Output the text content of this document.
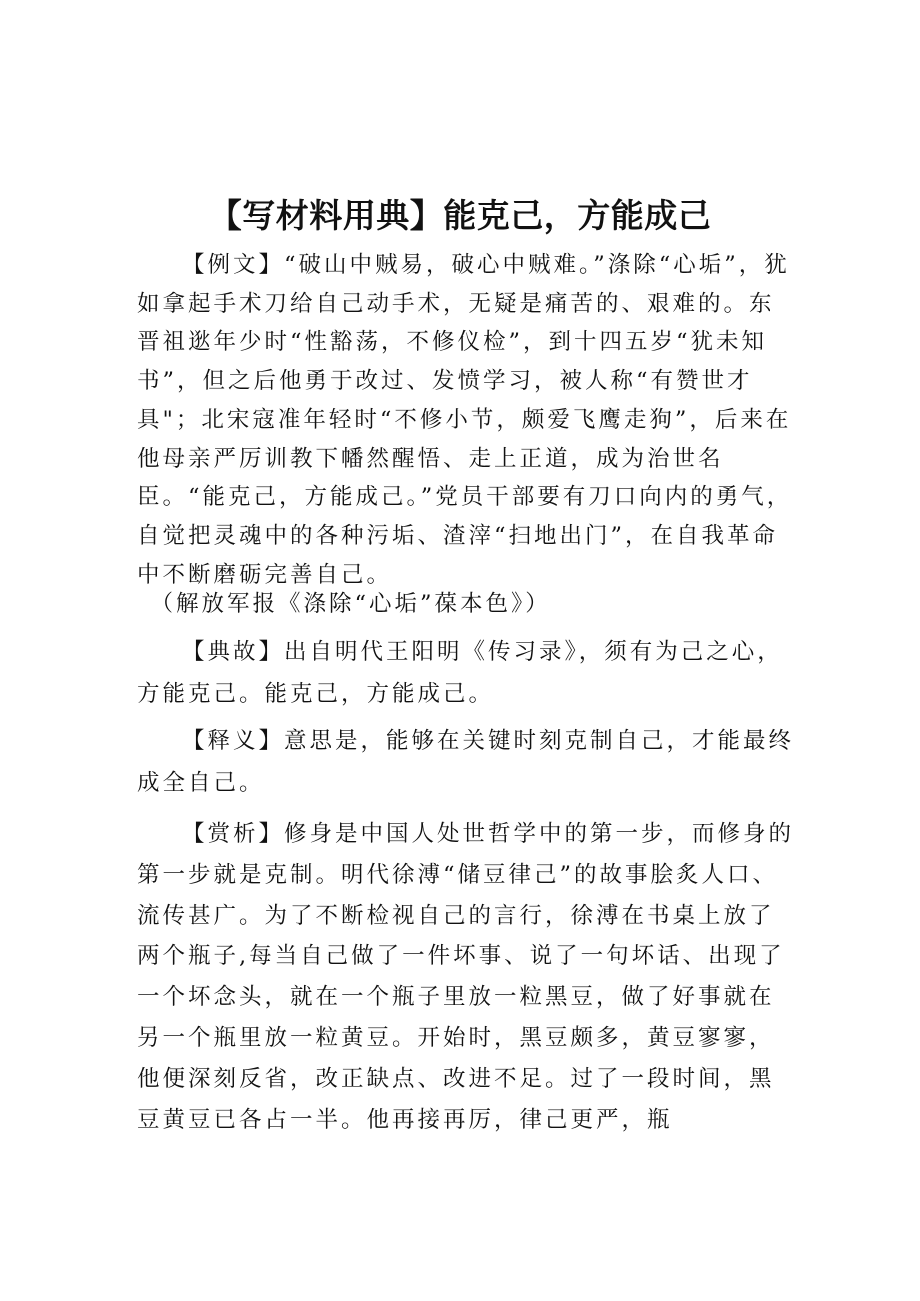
【写材料用典】能克己，方能成己

【例文】“破山中贼易，破心中贼难。”涤除“心垢”，犹如拿起手术刀给自己动手术，无疑是痛苦的、艰难的。东晋祖逖年少时“性豁荡，不修仪检”，到十四五岁“犹未知书”，但之后他勇于改过、发愤学习，被人称“有赞世才具"；北宋寇准年轻时“不修小节，颇爱飞鹰走狗”，后来在他母亲严厉训教下幡然醒悟、走上正道，成为治世名臣。“能克己，方能成己。”党员干部要有刀口向内的勇气，自觉把灵魂中的各种污垢、渣滓“扫地出门”，在自我革命中不断磨砺完善自己。

（解放军报《涤除“心垢”葆本色》）

【典故】出自明代王阳明《传习录》，须有为己之心，方能克己。能克己，方能成己。

【释义】意思是，能够在关键时刻克制自己，才能最终成全自己。

【赏析】修身是中国人处世哲学中的第一步，而修身的第一步就是克制。明代徐溥“储豆律己”的故事脍炙人口、流传甚广。为了不断检视自己的言行，徐溥在书桌上放了两个瓶子,每当自己做了一件坏事、说了一句坏话、出现了一个坏念头，就在一个瓶子里放一粒黑豆，做了好事就在另一个瓶里放一粒黄豆。开始时，黑豆颇多，黄豆寥寥，他便深刻反省，改正缺点、改进不足。过了一段时间，黑豆黄豆已各占一半。他再接再厉，律己更严，瓶
